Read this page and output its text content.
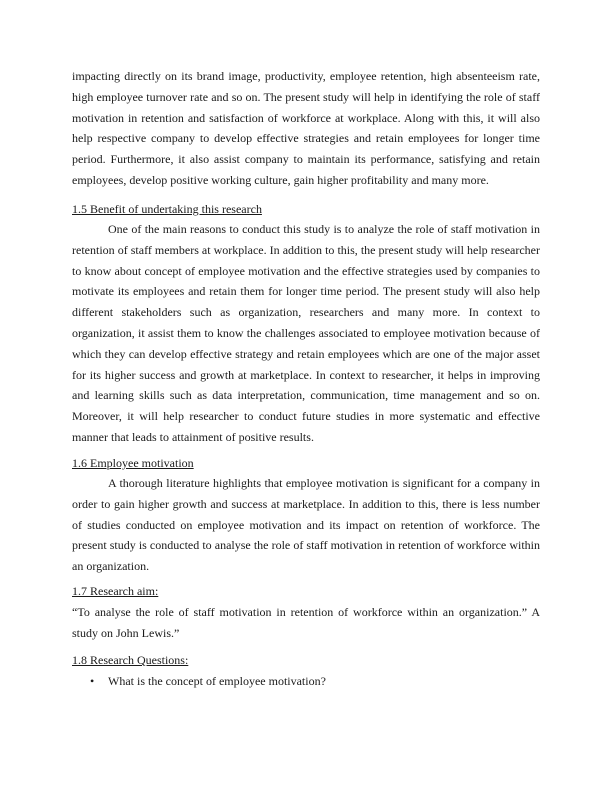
impacting directly on its brand image, productivity, employee retention, high absenteeism rate,
high employee turnover rate and so on. The present study will help in identifying the role of staff
motivation in retention and satisfaction of workforce at workplace. Along with this, it will also
help respective company to develop effective strategies and retain employees for longer time
period. Furthermore, it also assist company to maintain its performance, satisfying and retain
employees, develop positive working culture, gain higher profitability and many more.
1.5 Benefit of undertaking this research
One of the main reasons to conduct this study is to analyze the role of staff motivation in
retention of staff members at workplace. In addition to this, the present study will help researcher
to know about concept of employee motivation and the effective strategies used by companies to
motivate its employees and retain them for longer time period. The present study will also help
different stakeholders such as organization, researchers and many more. In context to
organization, it assist them to know the challenges associated to employee motivation because of
which they can develop effective strategy and retain employees which are one of the major asset
for its higher success and growth at marketplace. In context to researcher, it helps in improving
and learning skills such as data interpretation, communication, time management and so on.
Moreover, it will help researcher to conduct future studies in more systematic and effective
manner that leads to attainment of positive results.
1.6 Employee motivation
A thorough literature highlights that employee motivation is significant for a company in
order to gain higher growth and success at marketplace. In addition to this, there is less number
of studies conducted on employee motivation and its impact on retention of workforce. The
present study is conducted to analyse the role of staff motivation in retention of workforce within
an organization.
1.7 Research aim:
“To analyse the role of staff motivation in retention of workforce within an organization.” A
study on John Lewis.”
1.8 Research Questions:
• What is the concept of employee motivation?
